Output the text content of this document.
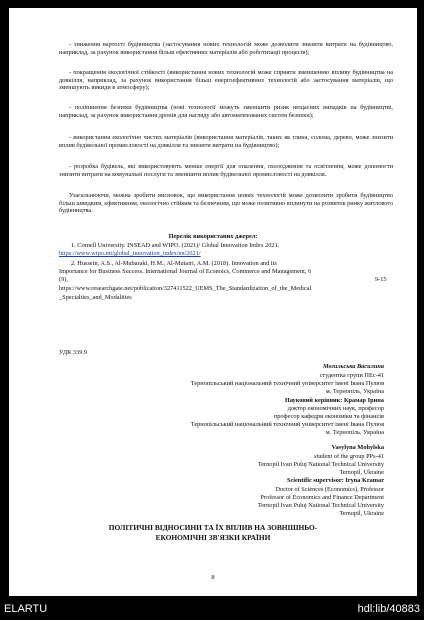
- зниження вартості будівництва (застосування нових технологій може дозволити знизити витрати на будівництво, наприклад, за рахунок використання більш ефективних матеріалів або роботизації процесів);
- покращення екологічної стійкості (використання нових технологій може сприяти зменшенню впливу будівництва на довкілля, наприклад, за рахунок використання більш енергоефективних технологій або застосування матеріалів, що зменшують викиди в атмосферу);
- поліпшення безпеки будівництва (нові технології можуть зменшити ризик нещасних випадків на будівництві, наприклад, за рахунок використання дронів для нагляду або автоматизованих систем безпеки);
- використання екологічно чистих матеріалів (використання матеріалів, таких як глина, солома, дерево, може знизити вплив будівельної промисловості на довкілля та знизити витрати на будівництво);
- розробка будівель, які використовують менше енергії для опалення, охолодження та освітлення, може допомогти знизити витрати на комунальні послуги та зменшити вплив будівельної промисловості на довкілля.
Узагальнюючи, можна зробити висновок, що використання нових технологій може дозволити зробити будівництво більш швидким, ефективним, екологічно стійким та безпечним, що може позитивно вплинути на розвиток ринку житлового будівництва.
Перелік використаних джерел:
1. Cornell University. INSEAD and WIPO. (2021)/ Global Innovation Index 2021.
https://www.wipo.int/global_innovation_index/en/2021/
2. Hussein, A.S., Al-Mubaraki, H.M., Al-Mutairi, A.M. (2018). Innovation and its
Importance for Business Success. International Journal of Econoics, Commerce and Management, 6
(9),	9-15
https://www.researchgate.net/publication/327411522_UEMS_The_Standardization_of_the_Medical
_Specialties_and_Modalities
УДК 339.9
Могильська Василина
студентка групи ПЕс-41
Тернопільський національний технічний університет імені Івана Пулюя
м. Тернопіль, Україна
Науковий керівник: Крамар Ірина
доктор економічних наук, професор
професор кафедри економіки та фінансів
Тернопільський національний технічний університет імені Івана Пулюя
м. Тернопіль, Україна
Vasylyna Mohylska
student of the group PPs-41
Ternopil Ivan Puluj National Technical University
Ternopil, Ukraine
Scientific supervisor: Iryna Kramar
Doctor of Sciences (Economics), Professor
Professor of Economics and Finance Department
Ternopil Ivan Puluj National Technical University
Ternopil, Ukraine
ПОЛІТИЧНІ ВІДНОСИНИ ТА ЇХ ВПЛИВ НА ЗОВНІШНЬО-
ЕКОНОМІЧНІ ЗВ'ЯЗКИ КРАЇНИ
8
ELARTU	hdl:lib/40883
